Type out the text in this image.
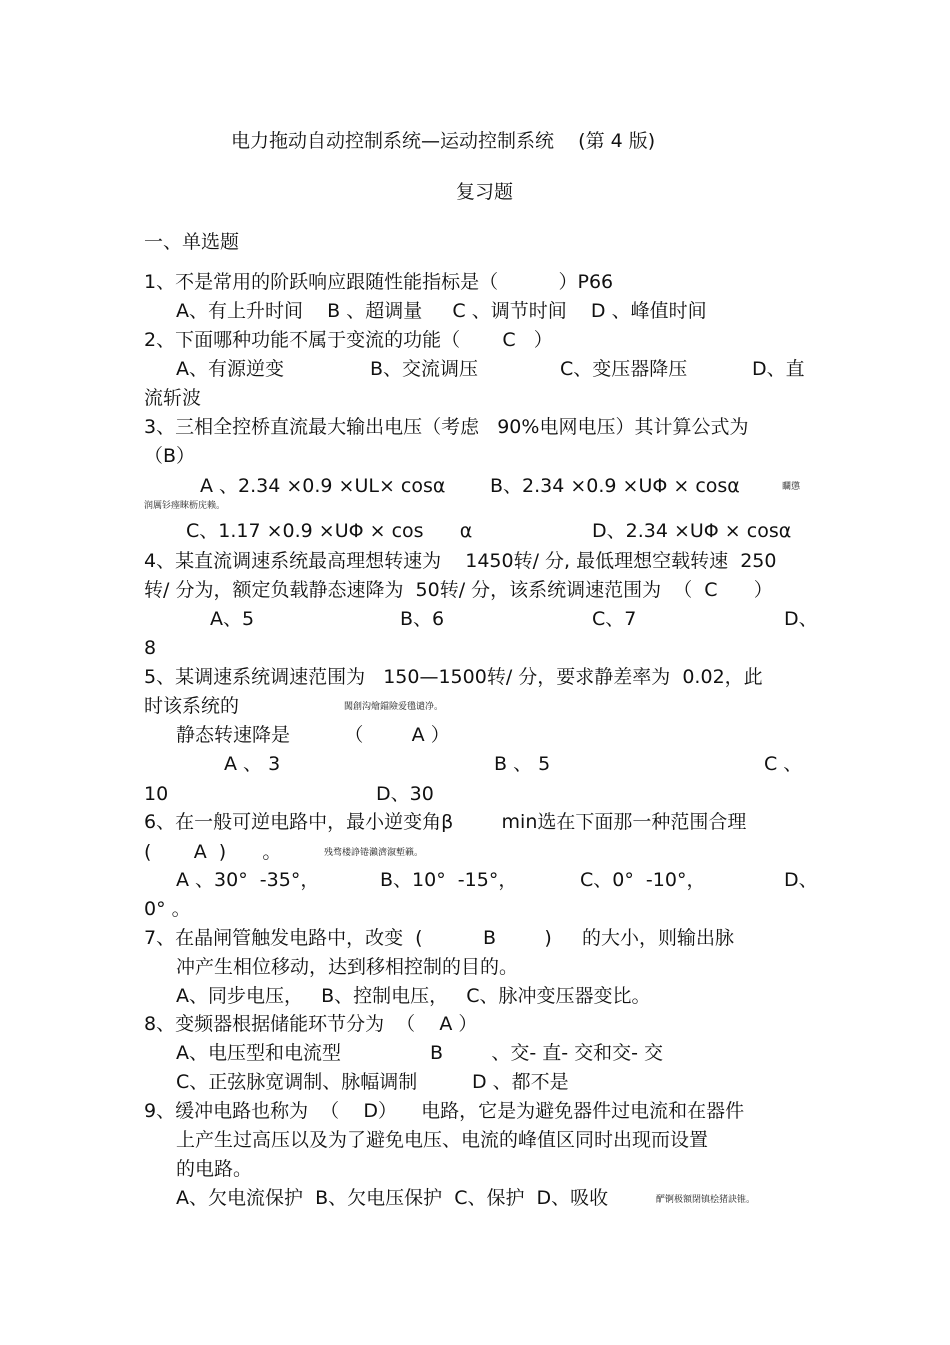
电力拖动自动控制系统—运动控制系统    (第 4 版)
复习题
一、单选题
1、不是常用的阶跃响应跟随性能指标是（          ）P66
A、有上升时间    B 、超调量     C 、调节时间    D 、峰值时间
2、下面哪种功能不属于变流的功能（       C   ）
A、有源逆变	B、交流调压	C、变压器降压	D、直
流斩波
3、三相全控桥直流最大输出电压（考虑   90%电网电压）其计算公式为
（B）
A 、2.34 ×0.9 ×UL× cosα B、2.34 ×0.9 ×UΦ × cosα	矙懲
润厲钐瘗睞枥庑赖。
C、1.17 ×0.9 ×UΦ × cos      α	D、2.34 ×UΦ × cosα
4、某直流调速系统最高理想转速为    1450转/ 分, 最低理想空载转速  250
转/ 分为，额定负载静态速降为  50转/ 分，该系统调速范围为  （  C      ）
A、5	B、6	C、7	D、
8
5、某调速系统调速范围为   150—1500转/ 分，要求静差率为  0.02，此
时该系统的	闖創沟燴鐺險爱氇谴净。
静态转速降是         （        A ）
A 、 3	B 、 5	C 、
10	D、30
6、在一般可逆电路中，最小逆变角β        min选在下面那一种范围合理
(       A  )      。	残骛楼諍锩瀨濟溆塹籟。
A 、30°  -35°，	B、10°  -15°，	C、0°  -10°，	D、
0° 。
7、在晶闸管触发电路中，改变  (          B        )     的大小，则输出脉
冲产生相位移动，达到移相控制的目的。
A、同步电压，   B、控制电压，   C、脉冲变压器变比。
8、变频器根据储能环节分为  （    A ）
A、电压型和电流型	B        、交- 直- 交和交- 交
C、正弦脉宽调制、脉幅调制	D 、都不是
9、缓冲电路也称为  （    D）    电路，它是为避免器件过电流和在器件
上产生过高压以及为了避免电压、电流的峰值区同时出现而设置
的电路。
A、欠电流保护  B、欠电压保护  C、保护  D、吸收	酽锕极額閉镇桧猪訣锥。
